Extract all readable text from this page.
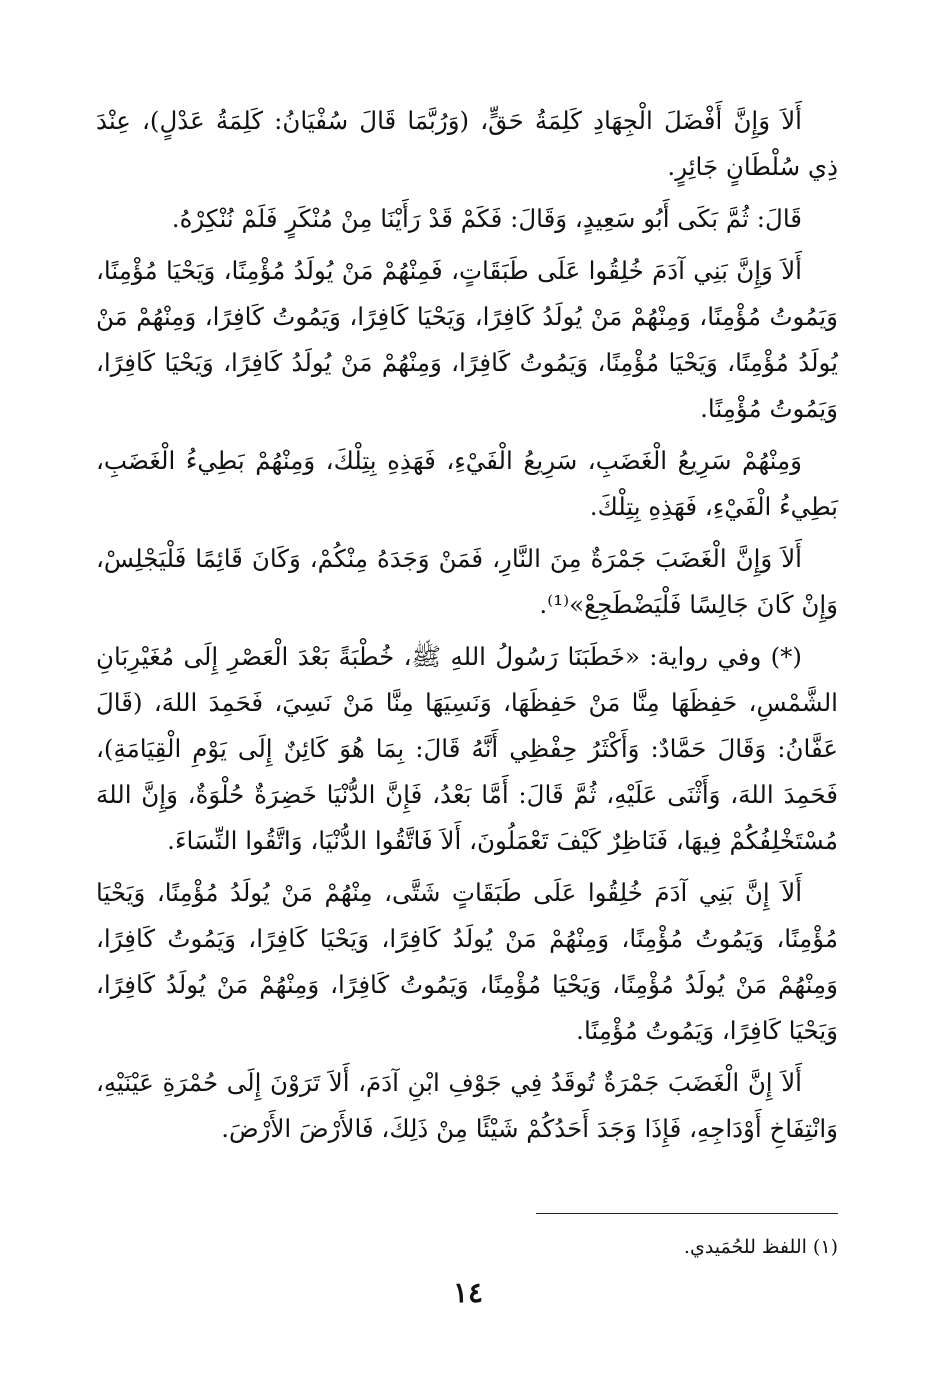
أَلاَ وَإِنَّ أَفْضَلَ الْجِهَادِ كَلِمَةُ حَقٍّ، (وَرُبَّمَا قَالَ سُفْيَانُ: كَلِمَةُ عَدْلٍ)، عِنْدَ ذِي سُلْطَانٍ جَائِرٍ.

قَالَ: ثُمَّ بَكَى أَبُو سَعِيدٍ، وَقَالَ: فَكَمْ قَدْ رَأَيْنَا مِنْ مُنْكَرٍ فَلَمْ نُنْكِرْهُ.

أَلاَ وَإِنَّ بَنِي آدَمَ خُلِقُوا عَلَى طَبَقَاتٍ، فَمِنْهُمْ مَنْ يُولَدُ مُؤْمِنًا، وَيَحْيَا مُؤْمِنًا، وَيَمُوتُ مُؤْمِنًا، وَمِنْهُمْ مَنْ يُولَدُ كَافِرًا، وَيَحْيَا كَافِرًا، وَيَمُوتُ كَافِرًا، وَمِنْهُمْ مَنْ يُولَدُ مُؤْمِنًا، وَيَحْيَا مُؤْمِنًا، وَيَمُوتُ كَافِرًا، وَمِنْهُمْ مَنْ يُولَدُ كَافِرًا، وَيَحْيَا كَافِرًا، وَيَمُوتُ مُؤْمِنًا.

وَمِنْهُمْ سَرِيعُ الْغَضَبِ، سَرِيعُ الْفَيْءِ، فَهَذِهِ بِتِلْكَ، وَمِنْهُمْ بَطِيءُ الْغَضَبِ، بَطِيءُ الْفَيْءِ، فَهَذِهِ بِتِلْكَ.

أَلاَ وَإِنَّ الْغَضَبَ جَمْرَةٌ مِنَ النَّارِ، فَمَنْ وَجَدَهُ مِنْكُمْ، وَكَانَ قَائِمًا فَلْيَجْلِسْ، وَإِنْ كَانَ جَالِسًا فَلْيَضْطَجِعْ»⁽¹⁾.

(*) وفي رواية: «خَطَبَنَا رَسُولُ اللهِ ﷺ، خُطْبَةً بَعْدَ الْعَصْرِ إِلَى مُغَيْرِبَانِ الشَّمْسِ، حَفِظَهَا مِنَّا مَنْ حَفِظَهَا، وَنَسِيَهَا مِنَّا مَنْ نَسِيَ، فَحَمِدَ اللهَ، (قَالَ عَفَّانُ: وَقَالَ حَمَّادٌ: وَأَكْثَرُ حِفْظِي أَنَّهُ قَالَ: بِمَا هُوَ كَائِنٌ إِلَى يَوْمِ الْقِيَامَةِ)، فَحَمِدَ اللهَ، وَأَثْنَى عَلَيْهِ، ثُمَّ قَالَ: أَمَّا بَعْدُ، فَإِنَّ الدُّنْيَا خَضِرَةٌ حُلْوَةٌ، وَإِنَّ اللهَ مُسْتَخْلِفُكُمْ فِيهَا، فَنَاظِرٌ كَيْفَ تَعْمَلُونَ، أَلاَ فَاتَّقُوا الدُّنْيَا، وَاتَّقُوا النِّسَاءَ.

أَلاَ إِنَّ بَنِي آدَمَ خُلِقُوا عَلَى طَبَقَاتٍ شَتَّى، مِنْهُمْ مَنْ يُولَدُ مُؤْمِنًا، وَيَحْيَا مُؤْمِنًا، وَيَمُوتُ مُؤْمِنًا، وَمِنْهُمْ مَنْ يُولَدُ كَافِرًا، وَيَحْيَا كَافِرًا، وَيَمُوتُ كَافِرًا، وَمِنْهُمْ مَنْ يُولَدُ مُؤْمِنًا، وَيَحْيَا مُؤْمِنًا، وَيَمُوتُ كَافِرًا، وَمِنْهُمْ مَنْ يُولَدُ كَافِرًا، وَيَحْيَا كَافِرًا، وَيَمُوتُ مُؤْمِنًا.

أَلاَ إِنَّ الْغَضَبَ جَمْرَةٌ تُوقَدُ فِي جَوْفِ ابْنِ آدَمَ، أَلاَ تَرَوْنَ إِلَى حُمْرَةِ عَيْنَيْهِ، وَانْتِفَاخِ أَوْدَاجِهِ، فَإِذَا وَجَدَ أَحَدُكُمْ شَيْئًا مِنْ ذَلِكَ، فَالأَرْضَ الأَرْضَ.

(١) اللفظ للحُمَيدي.
١٤
